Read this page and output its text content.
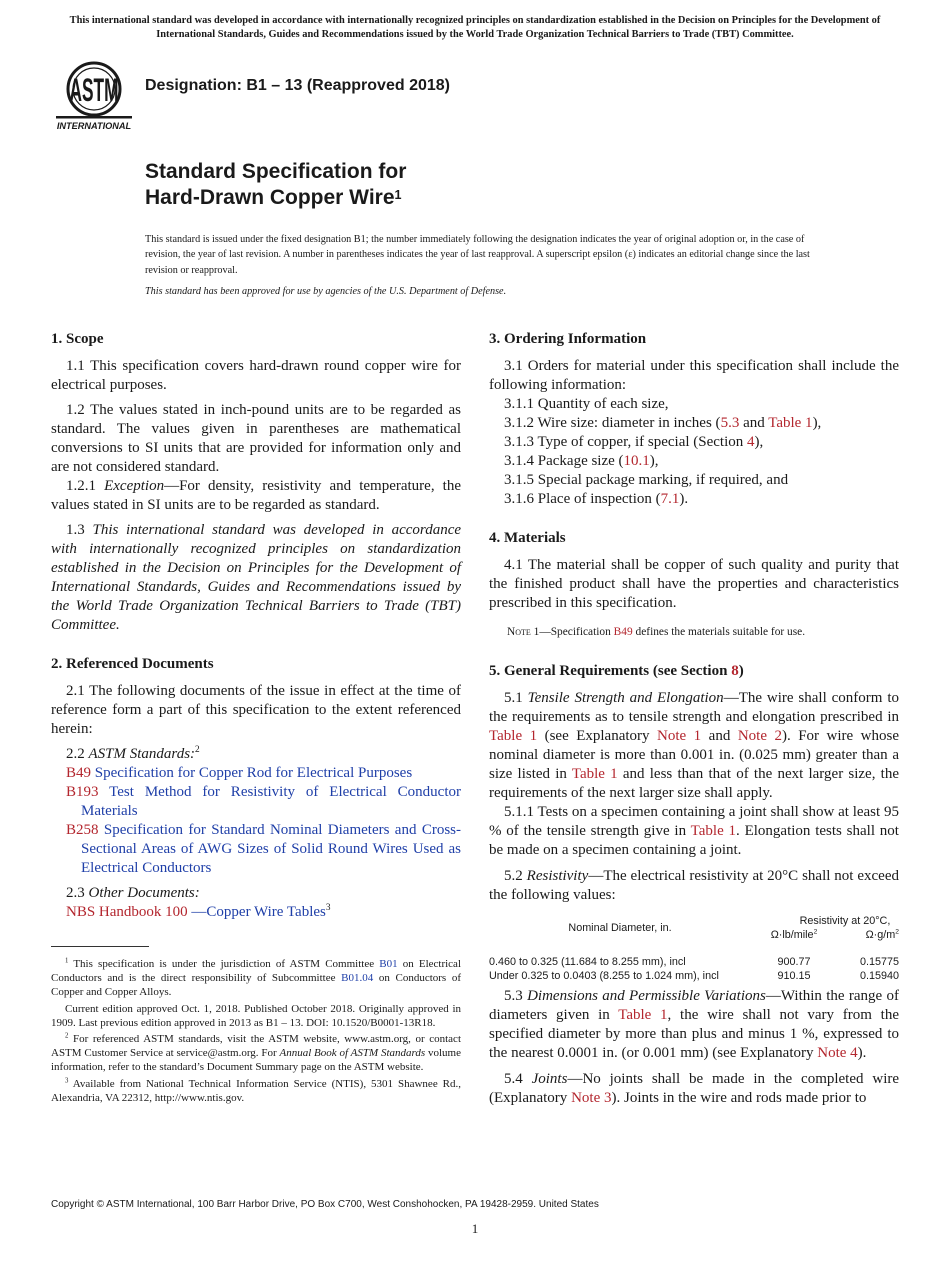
This international standard was developed in accordance with internationally recognized principles on standardization established in the Decision on Principles for the Development of International Standards, Guides and Recommendations issued by the World Trade Organization Technical Barriers to Trade (TBT) Committee.
ASTM
INTERNATIONAL
Designation: B1 – 13 (Reapproved 2018)

Standard Specification for

Hard-Drawn Copper Wire$^1$

This standard is issued under the fixed designation B1; the number immediately following the designation indicates the year of original adoption or, in the case of revision, the year of last revision. A number in parentheses indicates the year of last reapproval. A superscript epsilon (ε) indicates an editorial change since the last revision or reapproval.
This standard has been approved for use by agencies of the U.S. Department of Defense.
1. Scope

1.1 This specification covers hard-drawn round copper wire for electrical purposes.

1.2 The values stated in inch-pound units are to be regarded as standard. The values given in parentheses are mathematical conversions to SI units that are provided for information only and are not considered standard.

1.2.1 Exception—For density, resistivity and temperature, the values stated in SI units are to be regarded as standard.

1.3 This international standard was developed in accordance with internationally recognized principles on standardization established in the Decision on Principles for the Development of International Standards, Guides and Recommendations issued by the World Trade Organization Technical Barriers to Trade (TBT) Committee.

2. Referenced Documents

2.1 The following documents of the issue in effect at the time of reference form a part of this specification to the extent referenced herein:

2.2 ASTM Standards:$^2$

B49 Specification for Copper Rod for Electrical Purposes

B193 Test Method for Resistivity of Electrical Conductor Materials

B258 Specification for Standard Nominal Diameters and Cross-Sectional Areas of AWG Sizes of Solid Round Wires Used as Electrical Conductors

2.3 Other Documents:

NBS Handbook 100 —Copper Wire Tables$^3$

$^1$ This specification is under the jurisdiction of ASTM Committee B01 on Electrical Conductors and is the direct responsibility of Subcommittee B01.04 on Conductors of Copper and Copper Alloys.

Current edition approved Oct. 1, 2018. Published October 2018. Originally approved in 1909. Last previous edition approved in 2013 as B1 – 13. DOI: 10.1520/B0001-13R18.

$^2$ For referenced ASTM standards, visit the ASTM website, www.astm.org, or contact ASTM Customer Service at service@astm.org. For Annual Book of ASTM Standards volume information, refer to the standard’s Document Summary page on the ASTM website.

$^3$ Available from National Technical Information Service (NTIS), 5301 Shawnee Rd., Alexandria, VA 22312, http://www.ntis.gov.

3. Ordering Information

3.1 Orders for material under this specification shall include the following information:

3.1.1 Quantity of each size,

3.1.2 Wire size: diameter in inches (5.3 and Table 1),

3.1.3 Type of copper, if special (Section 4),

3.1.4 Package size (10.1),

3.1.5 Special package marking, if required, and

3.1.6 Place of inspection (7.1).

4. Materials

4.1 The material shall be copper of such quality and purity that the finished product shall have the properties and characteristics prescribed in this specification.

Note 1—Specification B49 defines the materials suitable for use.

5. General Requirements (see Section 8)

5.1 Tensile Strength and Elongation—The wire shall conform to the requirements as to tensile strength and elongation prescribed in Table 1 (see Explanatory Note 1 and Note 2). For wire whose nominal diameter is more than 0.001 in. (0.025 mm) greater than a size listed in Table 1 and less than that of the next larger size, the requirements of the next larger size shall apply.

5.1.1 Tests on a specimen containing a joint shall show at least 95 % of the tensile strength give in Table 1. Elongation tests shall not be made on a specimen containing a joint.

5.2 Resistivity—The electrical resistivity at 20°C shall not exceed the following values:

Nominal Diameter, in.	Resistivity at 20°C,	
	Ω·lb/mile$^2$	$\Omega\cdot g/m^2$

0.460 to 0.325 (11.684 to 8.255 mm), incl	900.77	0.15775
Under 0.325 to 0.0403 (8.255 to 1.024 mm), incl	910.15	0.15940

5.3 Dimensions and Permissible Variations—Within the range of diameters given in Table 1, the wire shall not vary from the specified diameter by more than plus and minus 1 %, expressed to the nearest 0.0001 in. (or 0.001 mm) (see Explanatory Note 4).

5.4 Joints—No joints shall be made in the completed wire (Explanatory Note 3). Joints in the wire and rods made prior to

Copyright © ASTM International, 100 Barr Harbor Drive, PO Box C700, West Conshohocken, PA 19428-2959. United States
1
